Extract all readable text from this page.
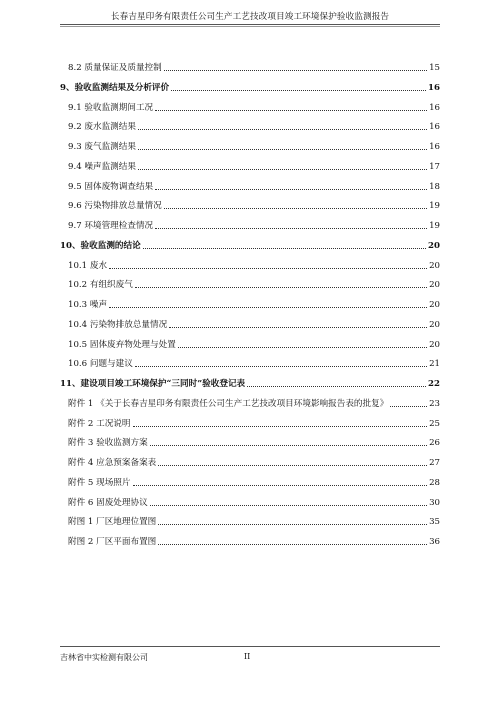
长春吉星印务有限责任公司生产工艺技改项目竣工环境保护验收监测报告
8.2 质量保证及质量控制	15
9、验收监测结果及分析评价	16
9.1 验收监测期间工况	16
9.2 废水监测结果	16
9.3 废气监测结果	16
9.4 噪声监测结果	17
9.5 固体废物调查结果	18
9.6 污染物排放总量情况	19
9.7 环境管理检查情况	19
10、验收监测的结论	20
10.1 废水	20
10.2 有组织废气	20
10.3 噪声	20
10.4 污染物排放总量情况	20
10.5 固体废弃物处理与处置	20
10.6 问题与建议	21
11、建设项目竣工环境保护“三同时”验收登记表	22
附件 1 《关于长春吉星印务有限责任公司生产工艺技改项目环境影响报告表的批复》	23
附件 2 工况说明	25
附件 3 验收监测方案	26
附件 4 应急预案备案表	27
附件 5 现场照片	28
附件 6 固废处理协议	30
附图 1 厂区地理位置图	35
附图 2 厂区平面布置图	36
吉林省中实检测有限公司	II
